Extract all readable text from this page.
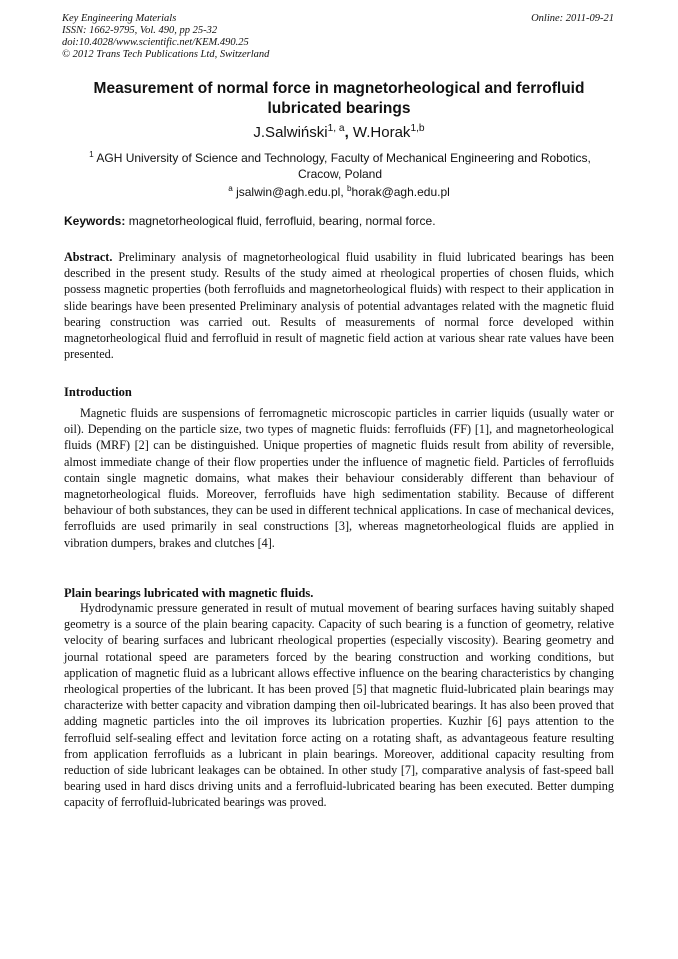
Key Engineering Materials
ISSN: 1662-9795, Vol. 490, pp 25-32
doi:10.4028/www.scientific.net/KEM.490.25
© 2012 Trans Tech Publications Ltd, Switzerland
Online: 2011-09-21
Measurement of normal force in magnetorheological and ferrofluid lubricated bearings
J.Salwiński$^{1, a}$, W.Horak$^{1,b}$
$^1$ AGH University of Science and Technology, Faculty of Mechanical Engineering and Robotics, Cracow, Poland
$^a$ jsalwin@agh.edu.pl, $^b$horak@agh.edu.pl
Keywords: magnetorheological fluid, ferrofluid, bearing, normal force.
Abstract. Preliminary analysis of magnetorheological fluid usability in fluid lubricated bearings has been described in the present study. Results of the study aimed at rheological properties of chosen fluids, which possess magnetic properties (both ferrofluids and magnetorheological fluids) with respect to their application in slide bearings have been presented Preliminary analysis of potential advantages related with the magnetic fluid bearing construction was carried out. Results of measurements of normal force developed within magnetorheological fluid and ferrofluid in result of magnetic field action at various shear rate values have been presented.
Introduction
Magnetic fluids are suspensions of ferromagnetic microscopic particles in carrier liquids (usually water or oil). Depending on the particle size, two types of magnetic fluids: ferrofluids (FF) [1], and magnetorheological fluids (MRF) [2] can be distinguished. Unique properties of magnetic fluids result from ability of reversible, almost immediate change of their flow properties under the influence of magnetic field. Particles of ferrofluids contain single magnetic domains, what makes their behaviour considerably different than behaviour of magnetorheological fluids. Moreover, ferrofluids have high sedimentation stability. Because of different behaviour of both substances, they can be used in different technical applications. In case of mechanical devices, ferrofluids are used primarily in seal constructions [3], whereas magnetorheological fluids are applied in vibration dumpers, brakes and clutches [4].
Plain bearings lubricated with magnetic fluids.
Hydrodynamic pressure generated in result of mutual movement of bearing surfaces having suitably shaped geometry is a source of the plain bearing capacity. Capacity of such bearing is a function of geometry, relative velocity of bearing surfaces and lubricant rheological properties (especially viscosity). Bearing geometry and journal rotational speed are parameters forced by the bearing construction and working conditions, but application of magnetic fluid as a lubricant allows effective influence on the bearing characteristics by changing rheological properties of the lubricant. It has been proved [5] that magnetic fluid-lubricated plain bearings may characterize with better capacity and vibration damping then oil-lubricated bearings. It has also been proved that adding magnetic particles into the oil improves its lubrication properties. Kuzhir [6] pays attention to the ferrofluid self-sealing effect and levitation force acting on a rotating shaft, as advantageous feature resulting from application ferrofluids as a lubricant in plain bearings. Moreover, additional capacity resulting from reduction of side lubricant leakages can be obtained. In other study [7], comparative analysis of fast-speed ball bearing used in hard discs driving units and a ferrofluid-lubricated bearing has been executed. Better dumping capacity of ferrofluid-lubricated bearings was proved.
